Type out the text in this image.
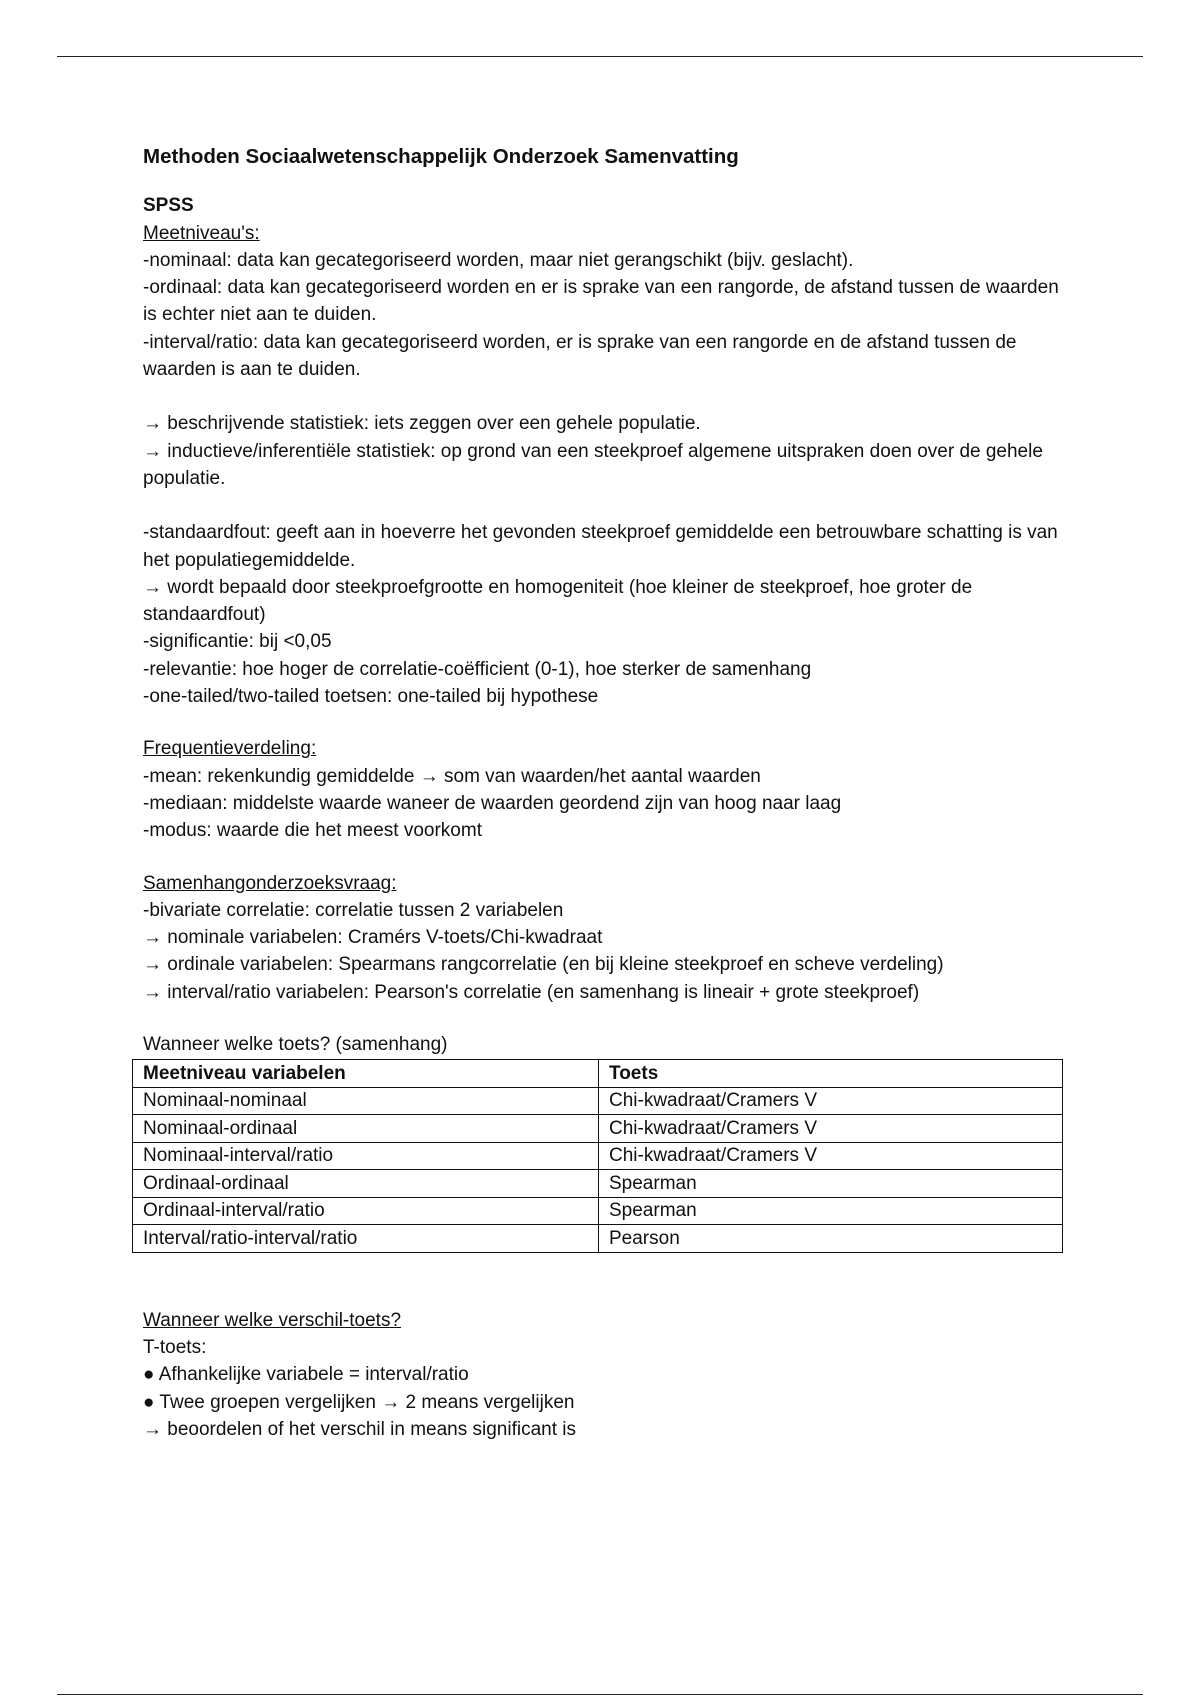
Methoden Sociaalwetenschappelijk Onderzoek Samenvatting

SPSS

Meetniveau's:

-nominaal: data kan gecategoriseerd worden, maar niet gerangschikt (bijv. geslacht).

-ordinaal: data kan gecategoriseerd worden en er is sprake van een rangorde, de afstand tussen de waarden is echter niet aan te duiden.

-interval/ratio: data kan gecategoriseerd worden, er is sprake van een rangorde en de afstand tussen de waarden is aan te duiden.

→ beschrijvende statistiek: iets zeggen over een gehele populatie.

→ inductieve/inferentiële statistiek: op grond van een steekproef algemene uitspraken doen over de gehele populatie.

-standaardfout: geeft aan in hoeverre het gevonden steekproef gemiddelde een betrouwbare schatting is van het populatiegemiddelde.

→ wordt bepaald door steekproefgrootte en homogeniteit (hoe kleiner de steekproef, hoe groter de standaardfout)

-significantie: bij <0,05

-relevantie: hoe hoger de correlatie-coëfficient (0-1), hoe sterker de samenhang

-one-tailed/two-tailed toetsen: one-tailed bij hypothese

Frequentieverdeling:

-mean: rekenkundig gemiddelde → som van waarden/het aantal waarden

-mediaan: middelste waarde waneer de waarden geordend zijn van hoog naar laag

-modus: waarde die het meest voorkomt

Samenhangonderzoeksvraag:

-bivariate correlatie: correlatie tussen 2 variabelen

→ nominale variabelen: Cramérs V-toets/Chi-kwadraat

→ ordinale variabelen: Spearmans rangcorrelatie (en bij kleine steekproef en scheve verdeling)

→ interval/ratio variabelen: Pearson's correlatie (en samenhang is lineair + grote steekproef)

Wanneer welke toets? (samenhang)

Meetniveau variabelen	Toets
Nominaal-nominaal	Chi-kwadraat/Cramers V
Nominaal-ordinaal	Chi-kwadraat/Cramers V
Nominaal-interval/ratio	Chi-kwadraat/Cramers V
Ordinaal-ordinaal	Spearman
Ordinaal-interval/ratio	Spearman
Interval/ratio-interval/ratio	Pearson

Wanneer welke verschil-toets?

T-toets:

● Afhankelijke variabele = interval/ratio

● Twee groepen vergelijken → 2 means vergelijken

→ beoordelen of het verschil in means significant is
